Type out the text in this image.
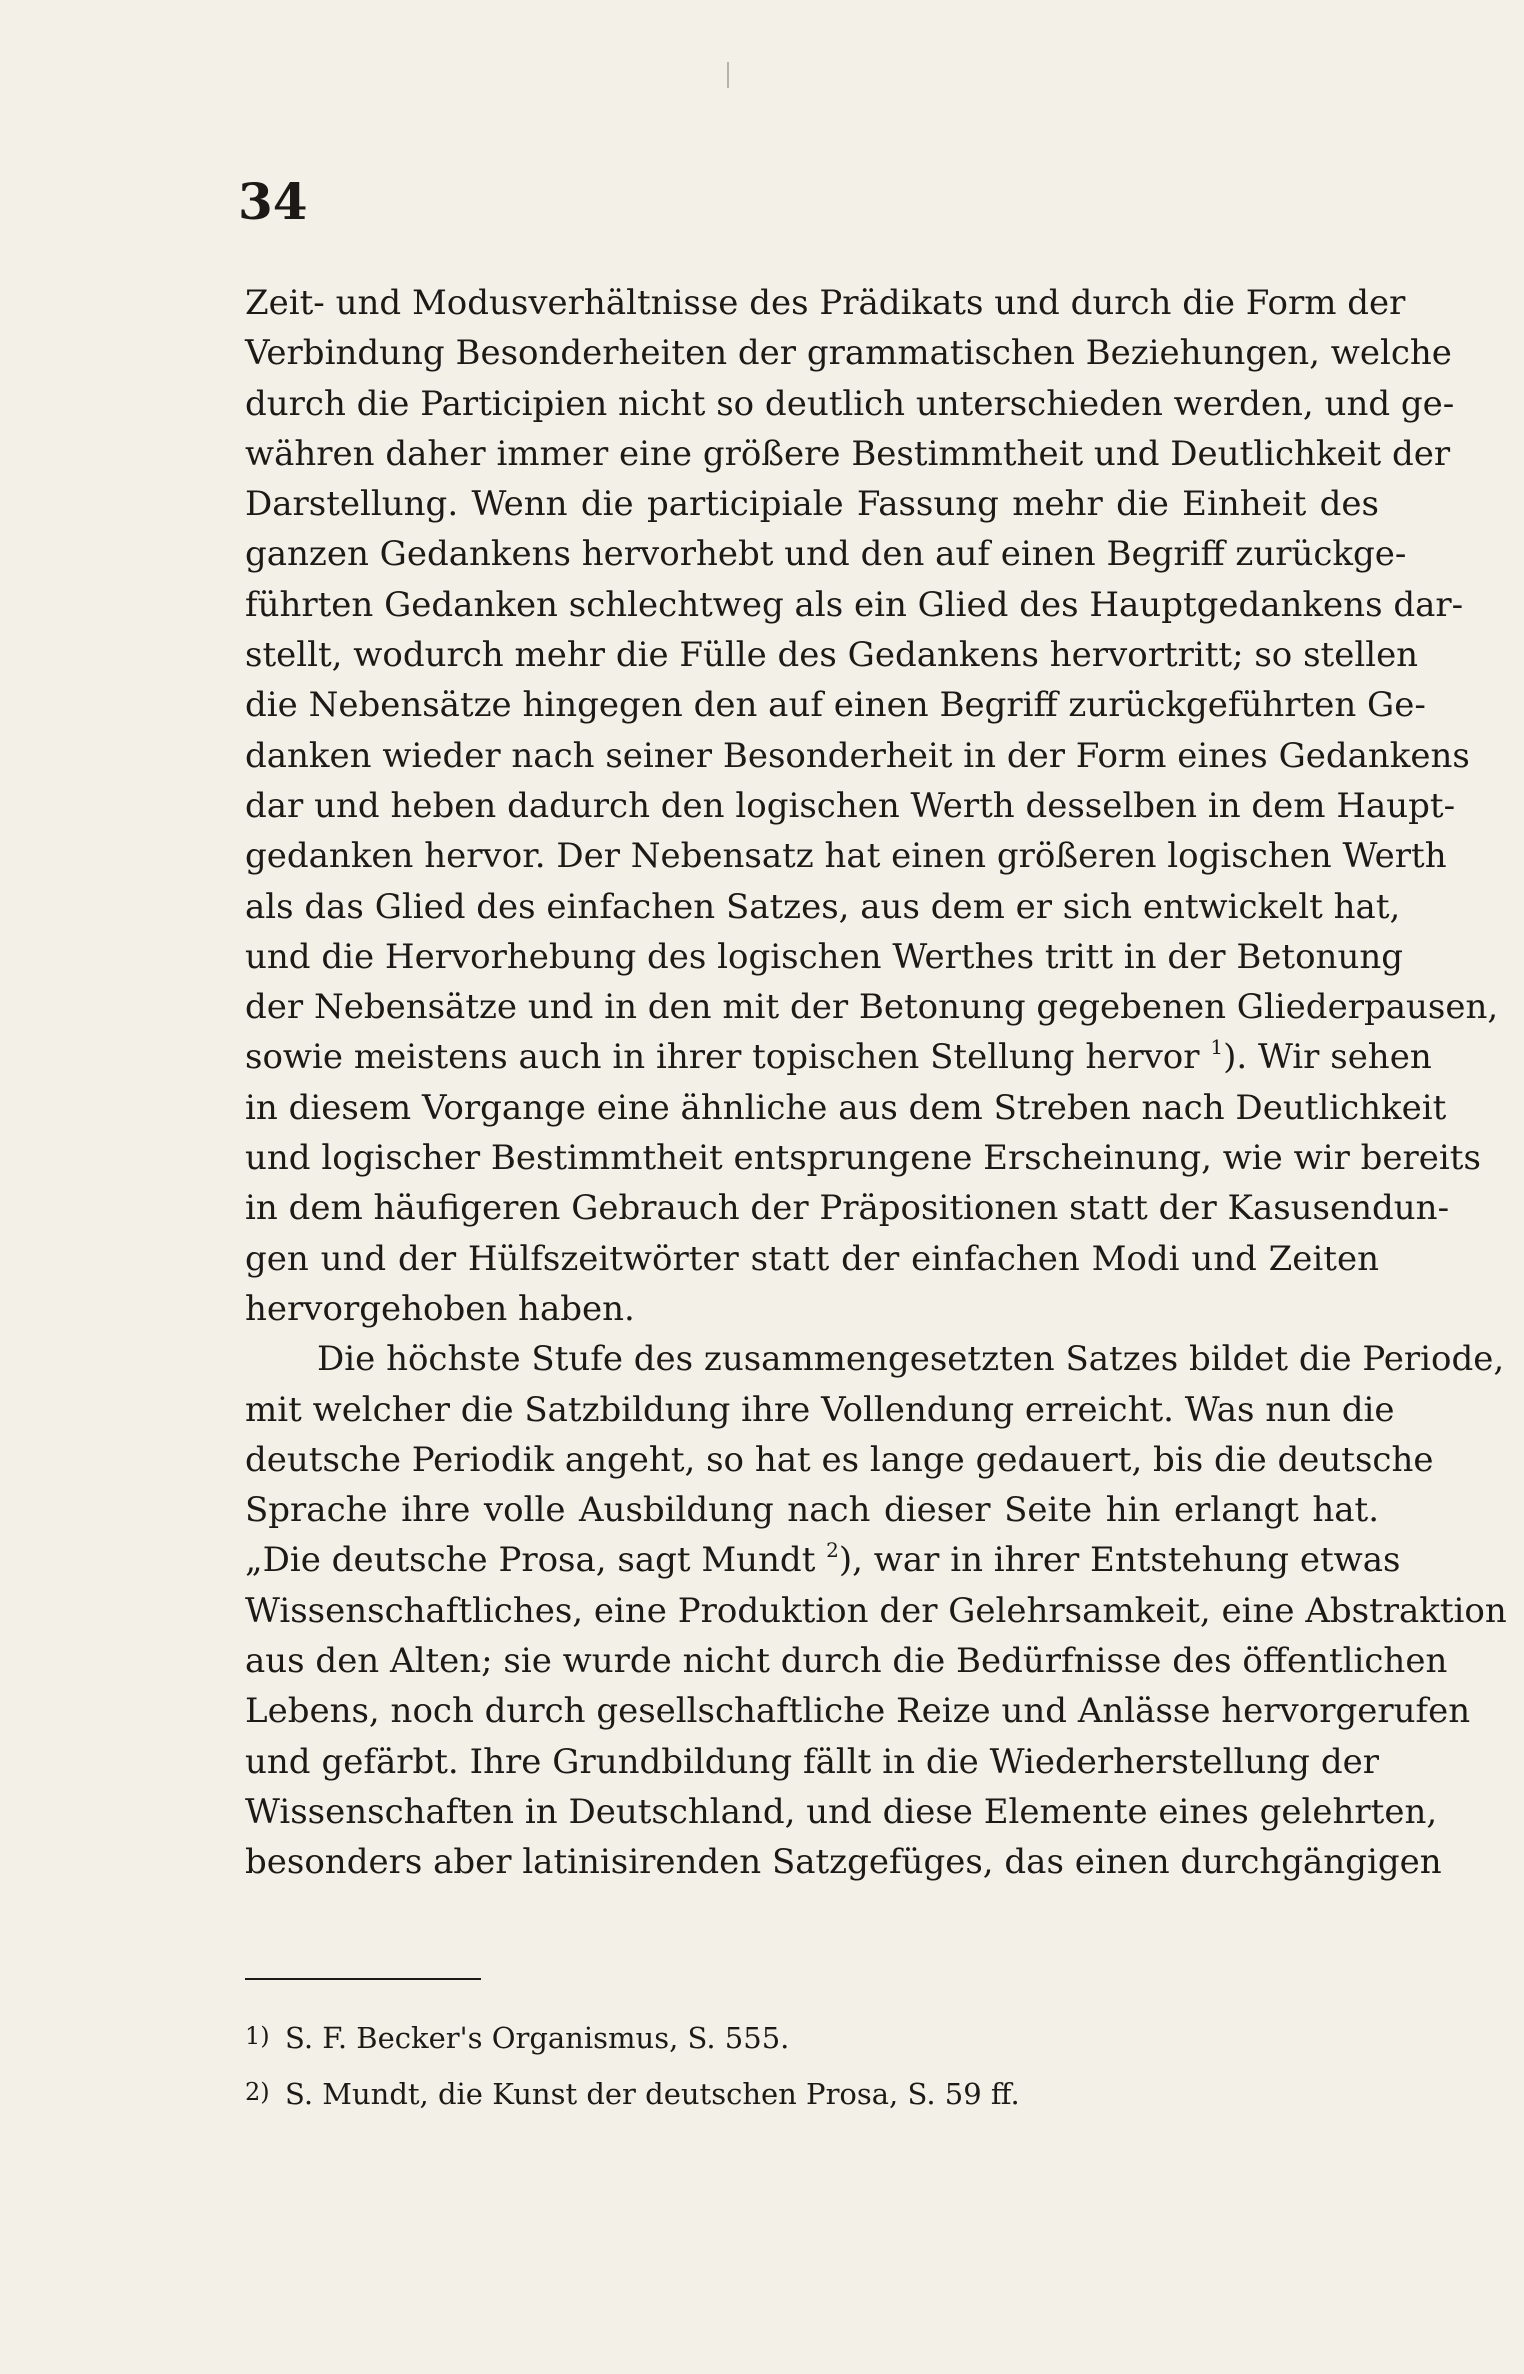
34
Zeit- und Modusverhältnisse des Prädikats und durch die Form der
Verbindung Besonderheiten der grammatischen Beziehungen, welche
durch die Participien nicht so deutlich unterschieden werden, und ge-
währen daher immer eine größere Bestimmtheit und Deutlichkeit der
Darstellung. Wenn die participiale Fassung mehr die Einheit des
ganzen Gedankens hervorhebt und den auf einen Begriff zurückge-
führten Gedanken schlechtweg als ein Glied des Hauptgedankens dar-
stellt, wodurch mehr die Fülle des Gedankens hervortritt; so stellen
die Nebensätze hingegen den auf einen Begriff zurückgeführten Ge-
danken wieder nach seiner Besonderheit in der Form eines Gedankens
dar und heben dadurch den logischen Werth desselben in dem Haupt-
gedanken hervor. Der Nebensatz hat einen größeren logischen Werth
als das Glied des einfachen Satzes, aus dem er sich entwickelt hat,
und die Hervorhebung des logischen Werthes tritt in der Betonung
der Nebensätze und in den mit der Betonung gegebenen Gliederpausen,
sowie meistens auch in ihrer topischen Stellung hervor $^1$). Wir sehen
in diesem Vorgange eine ähnliche aus dem Streben nach Deutlichkeit
und logischer Bestimmtheit entsprungene Erscheinung, wie wir bereits
in dem häufigeren Gebrauch der Präpositionen statt der Kasusendun-
gen und der Hülfszeitwörter statt der einfachen Modi und Zeiten
hervorgehoben haben.
Die höchste Stufe des zusammengesetzten Satzes bildet die Periode,
mit welcher die Satzbildung ihre Vollendung erreicht. Was nun die
deutsche Periodik angeht, so hat es lange gedauert, bis die deutsche
Sprache ihre volle Ausbildung nach dieser Seite hin erlangt hat.
„Die deutsche Prosa, sagt Mundt $^2$), war in ihrer Entstehung etwas
Wissenschaftliches, eine Produktion der Gelehrsamkeit, eine Abstraktion
aus den Alten; sie wurde nicht durch die Bedürfnisse des öffentlichen
Lebens, noch durch gesellschaftliche Reize und Anlässe hervorgerufen
und gefärbt. Ihre Grundbildung fällt in die Wiederherstellung der
Wissenschaften in Deutschland, und diese Elemente eines gelehrten,
besonders aber latinisirenden Satzgefüges, das einen durchgängigen
1) S. F. Becker's Organismus, S. 555.
2) S. Mundt, die Kunst der deutschen Prosa, S. 59 ff.
